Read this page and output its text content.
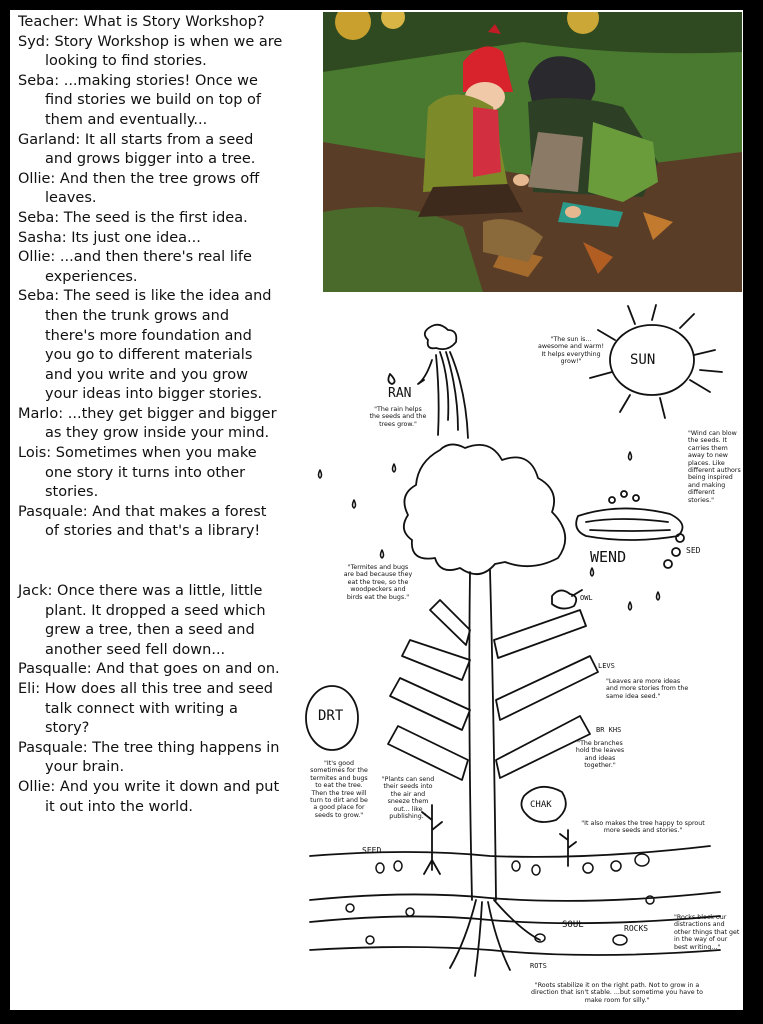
Teacher: What is Story Workshop?

Syd: Story Workshop is when we are looking to find stories.

Seba: ...making stories! Once we find stories we build on top of them and eventually...

Garland: It all starts from a seed and grows bigger into a tree.

Ollie: And then the tree grows off leaves.

Seba: The seed is the first idea.

Sasha: Its just one idea...

Ollie: ...and then there's real life experiences.

Seba: The seed is like the idea and then the trunk grows and there's more foundation and you go to different materials and you write and you grow your ideas into bigger stories.

Marlo: ...they get bigger and bigger as they grow inside your mind.

Lois: Sometimes when you make one story it turns into other stories.

Pasquale: And that makes a forest of stories and that's a library!

Jack: Once there was a little, little plant. It dropped a seed which grew a tree, then a seed and another seed fell down...

Pasqualle: And that goes on and on.

Eli: How does all this tree and seed talk connect with writing a story?

Pasquale: The tree thing happens in your brain.

Ollie: And you write it down and put it out into the world.

"The sun is... awesome and warm! It helps everything grow!"
"The rain helps the seeds and the trees grow."
"Wind can blow the seeds. It carries them away to new places. Like different authors being inspired and making different stories."
"Termites and bugs are bad because they eat the tree, so the woodpeckers and birds eat the bugs."
"Leaves are more ideas and more stories from the same idea seed."
"The branches hold the leaves and ideas together."
"It's good sometimes for the termites and bugs to eat the tree. Then the tree will turn to dirt and be a good place for seeds to grow."
"Plants can send their seeds into the air and sneeze them out... like publishing."
"It also makes the tree happy to sprout more seeds and stories."
"Rocks block our distractions and other things that get in the way of our best writing..."
"Roots stabilize it on the right path. Not to grow in a direction that isn't stable. ...but sometime you have to make room for silly."
RAN
SUN
WEND	SED
OWL
LEVS
BR KHS
DRT
CHAK
SEED
SOUL	ROCKS
ROTS
